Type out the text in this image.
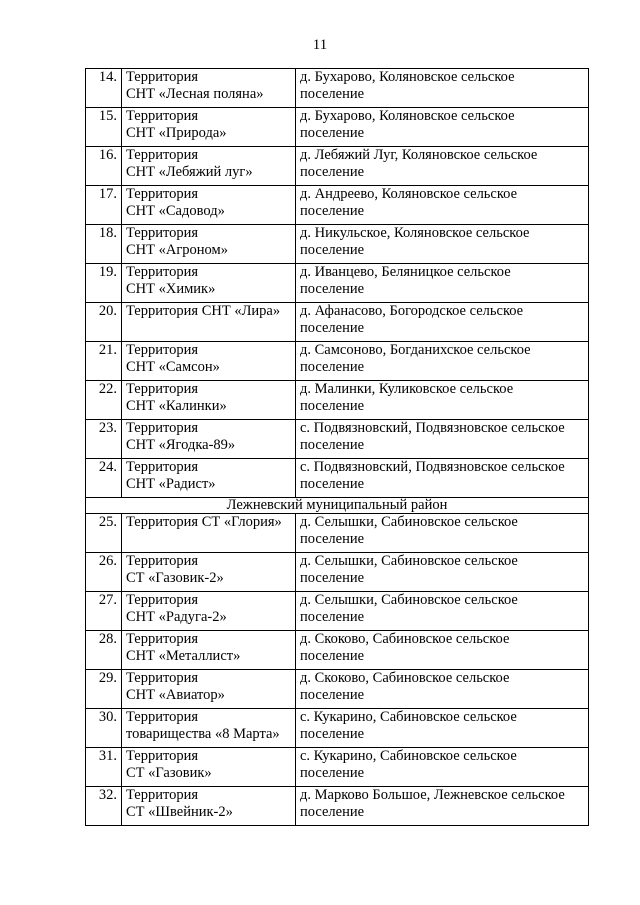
11
14.	Территория
СНТ «Лесная поляна»	д. Бухарово, Коляновское сельское
поселение

15.	Территория
СНТ «Природа»	д. Бухарово, Коляновское сельское
поселение

16.	Территория
СНТ «Лебяжий луг»	д. Лебяжий Луг, Коляновское сельское
поселение

17.	Территория
СНТ «Садовод»	д. Андреево, Коляновское сельское
поселение

18.	Территория
СНТ «Агроном»	д. Никульское, Коляновское сельское
поселение

19.	Территория
СНТ «Химик»	д. Иванцево, Беляницкое сельское
поселение

20.	Территория СНТ «Лира»	д. Афанасово, Богородское сельское
поселение

21.	Территория
СНТ «Самсон»	д. Самсоново, Богданихское сельское
поселение

22.	Территория
СНТ «Калинки»	д. Малинки, Куликовское сельское
поселение

23.	Территория
СНТ «Ягодка-89»	с. Подвязновский, Подвязновское сельское
поселение

24.	Территория
СНТ «Радист»	с. Подвязновский, Подвязновское сельское
поселение

Лежневский муниципальный район		
25.	Территория СТ «Глория»	д. Селышки, Сабиновское сельское
поселение

26.	Территория
СТ «Газовик-2»	д. Селышки, Сабиновское сельское
поселение

27.	Территория
СНТ «Радуга-2»	д. Селышки, Сабиновское сельское
поселение

28.	Территория
СНТ «Металлист»	д. Скоково, Сабиновское сельское
поселение

29.	Территория
СНТ «Авиатор»	д. Скоково, Сабиновское сельское
поселение

30.	Территория
товарищества «8 Марта»	с. Кукарино, Сабиновское сельское
поселение

31.	Территория
СТ «Газовик»	с. Кукарино, Сабиновское сельское
поселение

32.	Территория
СТ «Швейник-2»	д. Марково Большое, Лежневское сельское
поселение
